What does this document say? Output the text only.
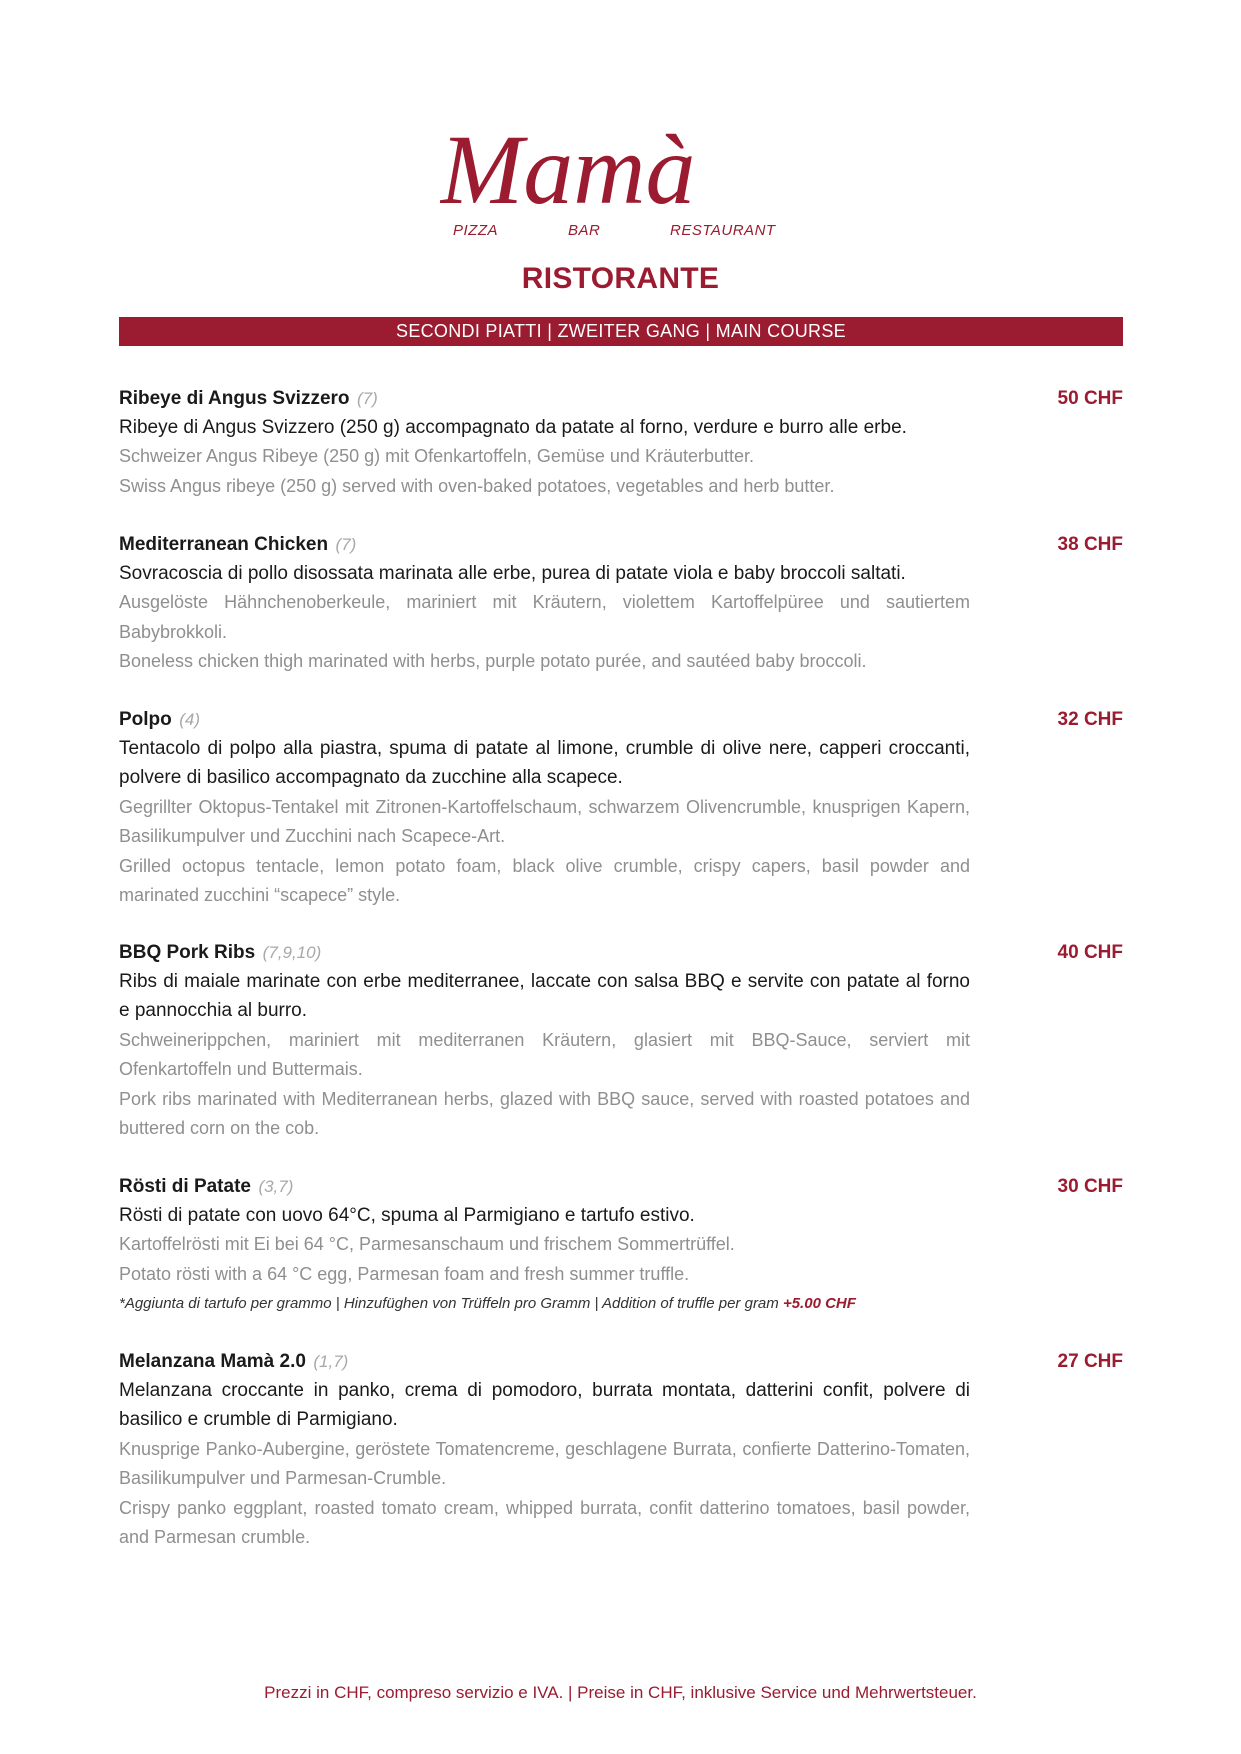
Mamà
PIZZA	BAR	RESTAURANT
RISTORANTE
SECONDI PIATTI | ZWEITER GANG | MAIN COURSE
Ribeye di Angus Svizzero (7)	50 CHF
Ribeye di Angus Svizzero (250 g) accompagnato da patate al forno, verdure e burro alle erbe.
Schweizer Angus Ribeye (250 g) mit Ofenkartoffeln, Gemüse und Kräuterbutter.
Swiss Angus ribeye (250 g) served with oven-baked potatoes, vegetables and herb butter.
Mediterranean Chicken (7)	38 CHF
Sovracoscia di pollo disossata marinata alle erbe, purea di patate viola e baby broccoli saltati.
Ausgelöste Hähnchenoberkeule, mariniert mit Kräutern, violettem Kartoffelpüree und sautiertem Babybrokkoli.
Boneless chicken thigh marinated with herbs, purple potato purée, and sautéed baby broccoli.
Polpo (4)	32 CHF
Tentacolo di polpo alla piastra, spuma di patate al limone, crumble di olive nere, capperi croccanti, polvere di basilico accompagnato da zucchine alla scapece.
Gegrillter Oktopus-Tentakel mit Zitronen-Kartoffelschaum, schwarzem Olivencrumble, knusprigen Kapern, Basilikumpulver und Zucchini nach Scapece-Art.
Grilled octopus tentacle, lemon potato foam, black olive crumble, crispy capers, basil powder and marinated zucchini “scapece” style.
BBQ Pork Ribs (7,9,10)	40 CHF
Ribs di maiale marinate con erbe mediterranee, laccate con salsa BBQ e servite con patate al forno e pannocchia al burro.
Schweinerippchen, mariniert mit mediterranen Kräutern, glasiert mit BBQ-Sauce, serviert mit Ofenkartoffeln und Buttermais.
Pork ribs marinated with Mediterranean herbs, glazed with BBQ sauce, served with roasted potatoes and buttered corn on the cob.
Rösti di Patate (3,7)	30 CHF
Rösti di patate con uovo 64°C, spuma al Parmigiano e tartufo estivo.
Kartoffelrösti mit Ei bei 64 °C, Parmesanschaum und frischem Sommertrüffel.
Potato rösti with a 64 °C egg, Parmesan foam and fresh summer truffle.
*Aggiunta di tartufo per grammo | Hinzufüghen von Trüffeln pro Gramm | Addition of truffle per gram +5.00 CHF
Melanzana Mamà 2.0 (1,7)	27 CHF
Melanzana croccante in panko, crema di pomodoro, burrata montata, datterini confit, polvere di basilico e crumble di Parmigiano.
Knusprige Panko-Aubergine, geröstete Tomatencreme, geschlagene Burrata, confierte Datterino-Tomaten, Basilikumpulver und Parmesan-Crumble.
Crispy panko eggplant, roasted tomato cream, whipped burrata, confit datterino tomatoes, basil powder, and Parmesan crumble.
Prezzi in CHF, compreso servizio e IVA. | Preise in CHF, inklusive Service und Mehrwertsteuer.
